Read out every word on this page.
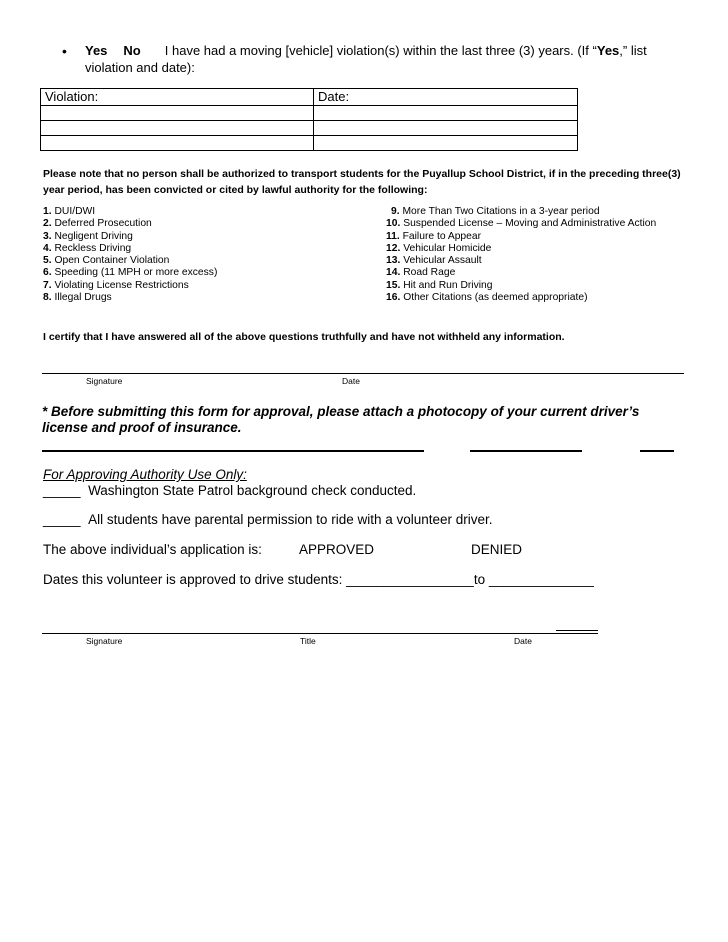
• Yes No I have had a moving [vehicle] violation(s) within the last three (3) years. (If “Yes,” list
violation and date):
Violation:	Date:

Please note that no person shall be authorized to transport students for the Puyallup School District, if in the preceding three(3) year period, has been convicted or cited by lawful authority for the following:
1. DUI/DWI
2. Deferred Prosecution
3. Negligent Driving
4. Reckless Driving
5. Open Container Violation
6. Speeding (11 MPH or more excess)
7. Violating License Restrictions
8. Illegal Drugs
9. More Than Two Citations in a 3-year period
10. Suspended License – Moving and Administrative Action
11. Failure to Appear
12. Vehicular Homicide
13. Vehicular Assault
14. Road Rage
15. Hit and Run Driving
16. Other Citations (as deemed appropriate)
I certify that I have answered all of the above questions truthfully and have not withheld any information.
Signature	Date
* Before submitting this form for approval, please attach a photocopy of your current driver’s license and proof of insurance.
For Approving Authority Use Only:
_____ Washington State Patrol background check conducted.
_____ All students have parental permission to ride with a volunteer driver.
The above individual’s application is:	APPROVED	DENIED
Dates this volunteer is approved to drive students: _________________to ______________
Signature	Title	Date
